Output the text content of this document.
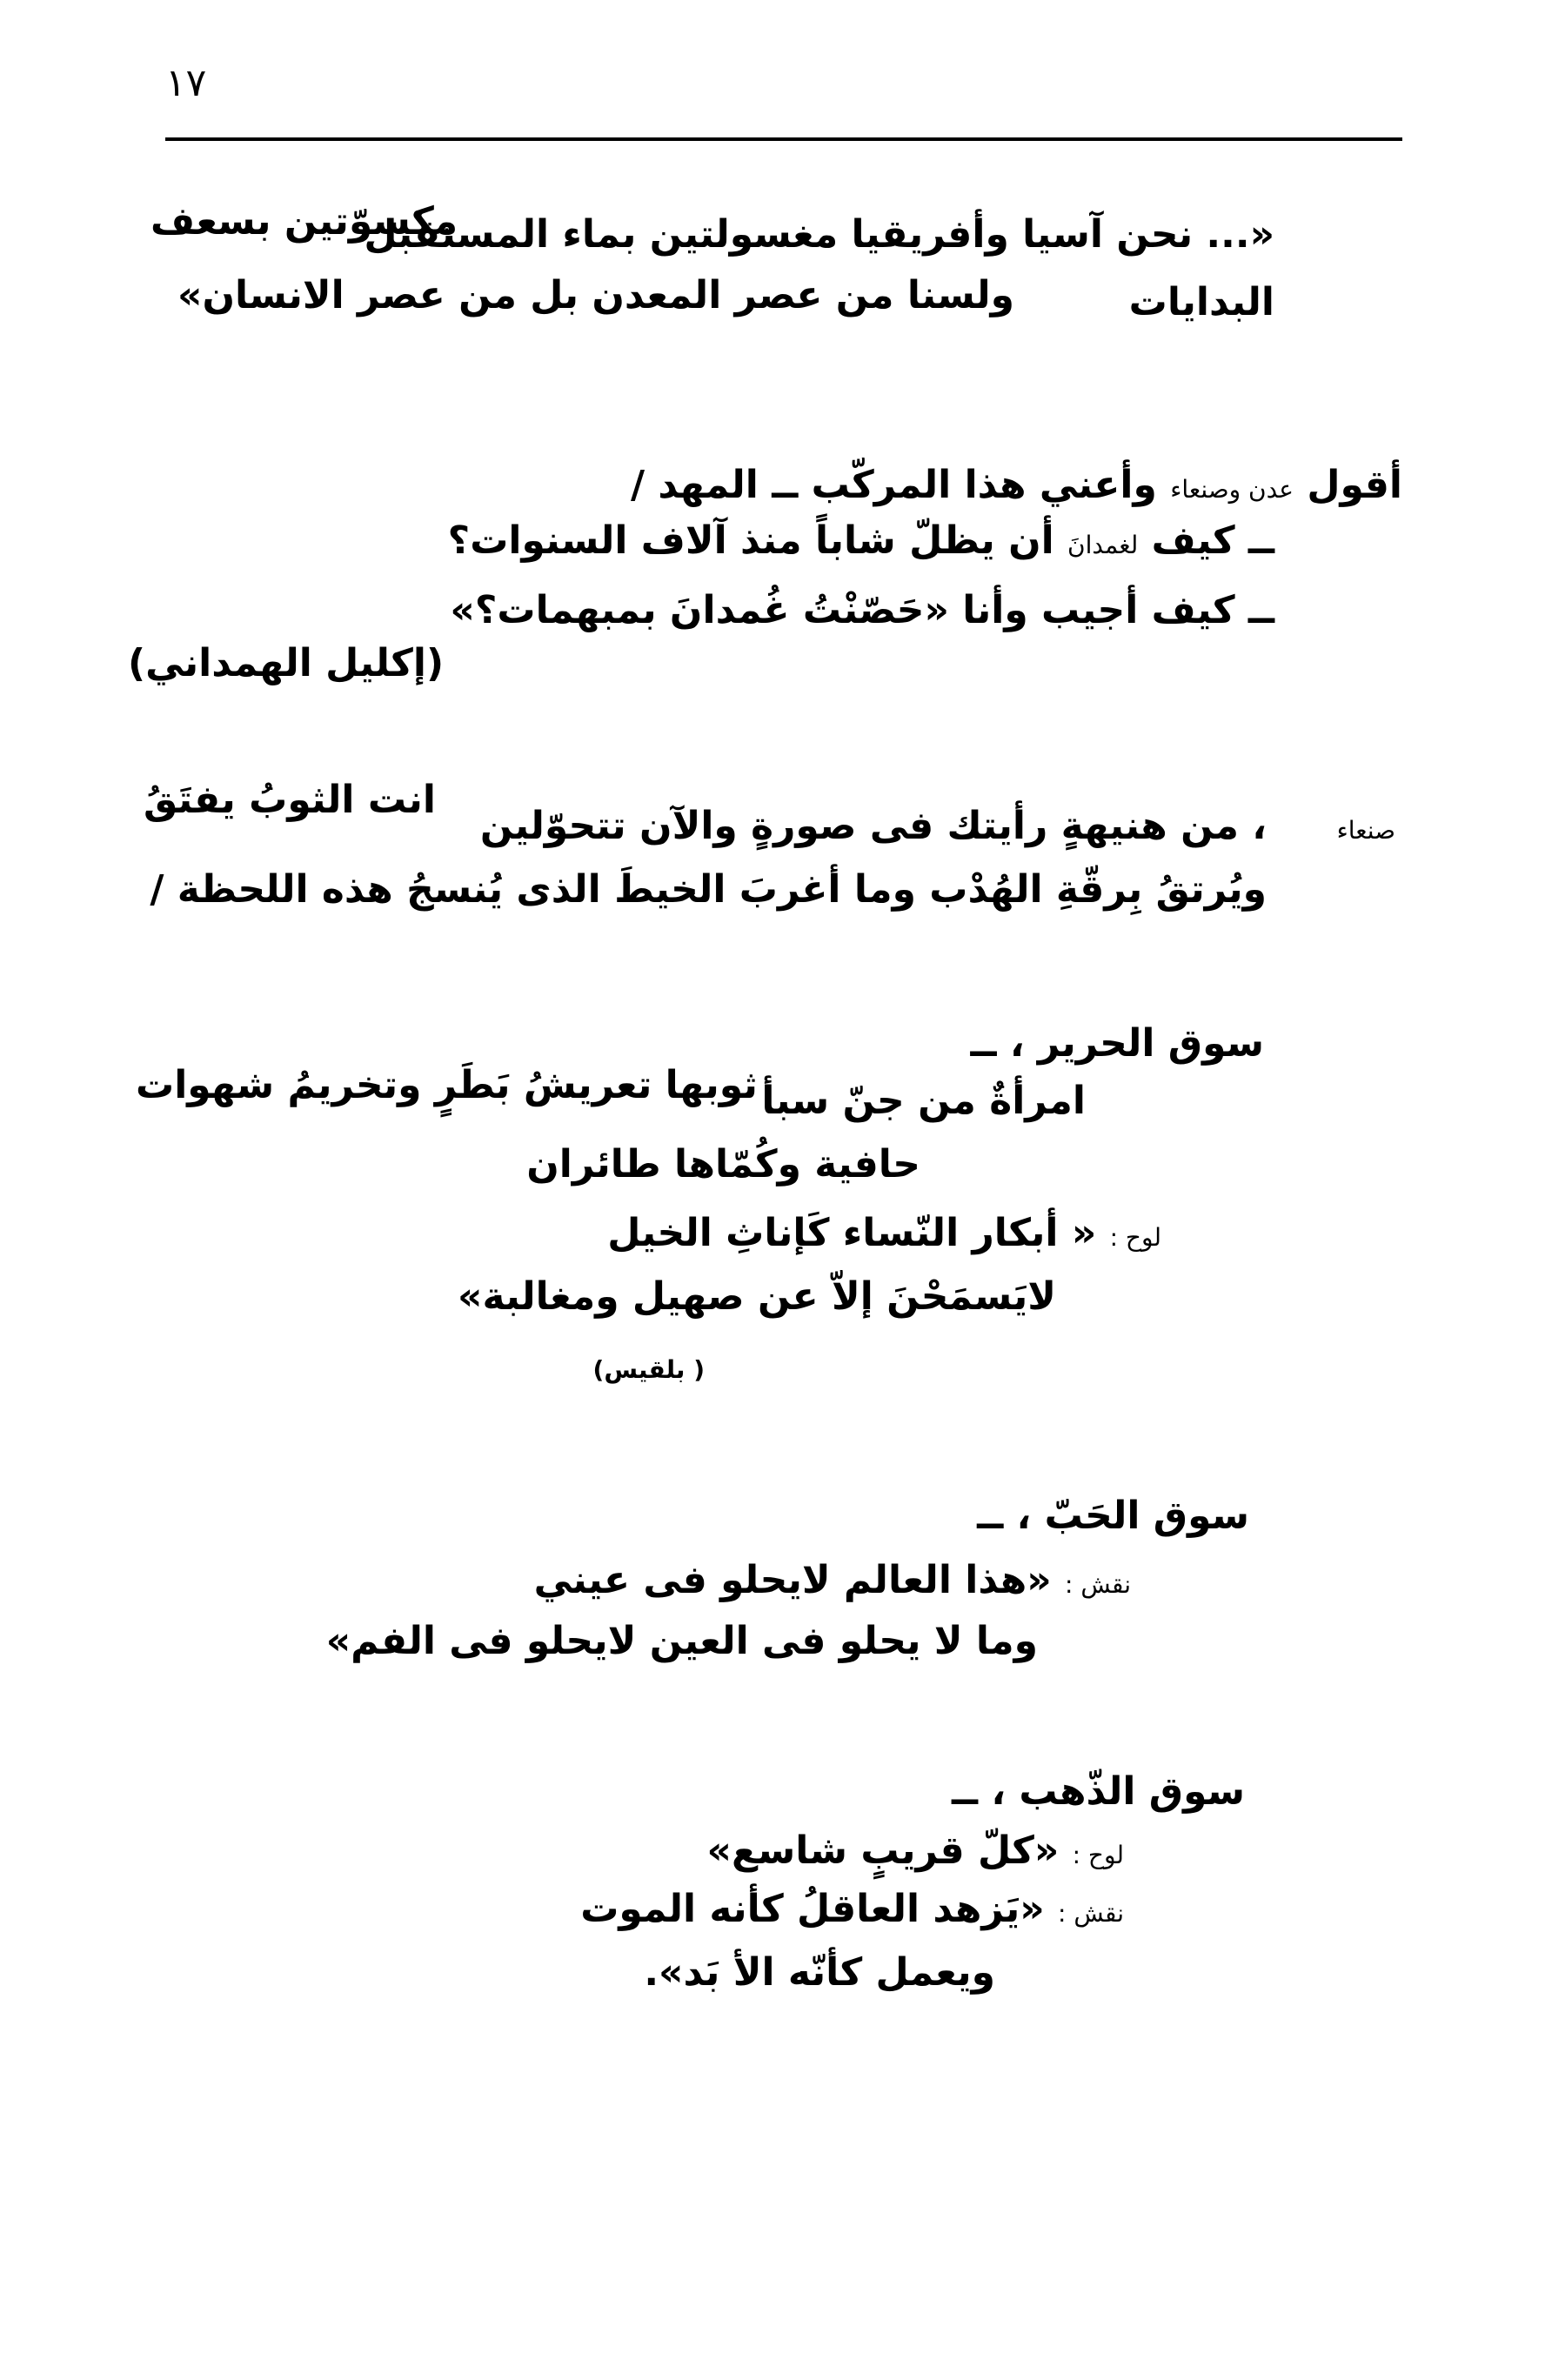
١٧
«... نحن آسيا وأفريقيا مغسولتين بماء المستقبل
مكسوّتين بسعف
البدايات
ولسنا من عصر المعدن بل من عصر الانسان»
أقول عدن وصنعاء وأعني هذا المركّب ــ المهد /
ــ كيف لغمدانَ أن يظلّ شاباً منذ آلاف السنوات؟
ــ كيف أجيب وأنا «حَصّنْتُ غُمدانَ بمبهمات؟»
(إكليل الهمداني)
صنعاء
، من هنيهةٍ رأيتك فى صورةٍ والآن تتحوّلين
انت الثوبُ يفتَقُ
ويُرتقُ بِرقّةِ الهُدْب وما أغربَ الخيطَ الذى يُنسجُ هذه اللحظة /
سوق الحرير ، ــ
امرأةٌ من جنّ سبأ
ثوبها تعريشُ بَطَرٍ وتخريمُ شهوات
حافية وكُمّاها طائران
لوح : « أبكار النّساء كَإناثِ الخيل
لايَسمَحْنَ إلاّ عن صهيل ومغالبة»
( بلقيس)
سوق الحَبّ ، ــ
نقش : «هذا العالم لايحلو فى عيني
وما لا يحلو فى العين لايحلو فى الفم»
سوق الذّهب ، ــ
لوح : «كلّ قريبٍ شاسع»
نقش : «يَزهد العاقلُ كأنه الموت
ويعمل كأنّه الأ بَد».
